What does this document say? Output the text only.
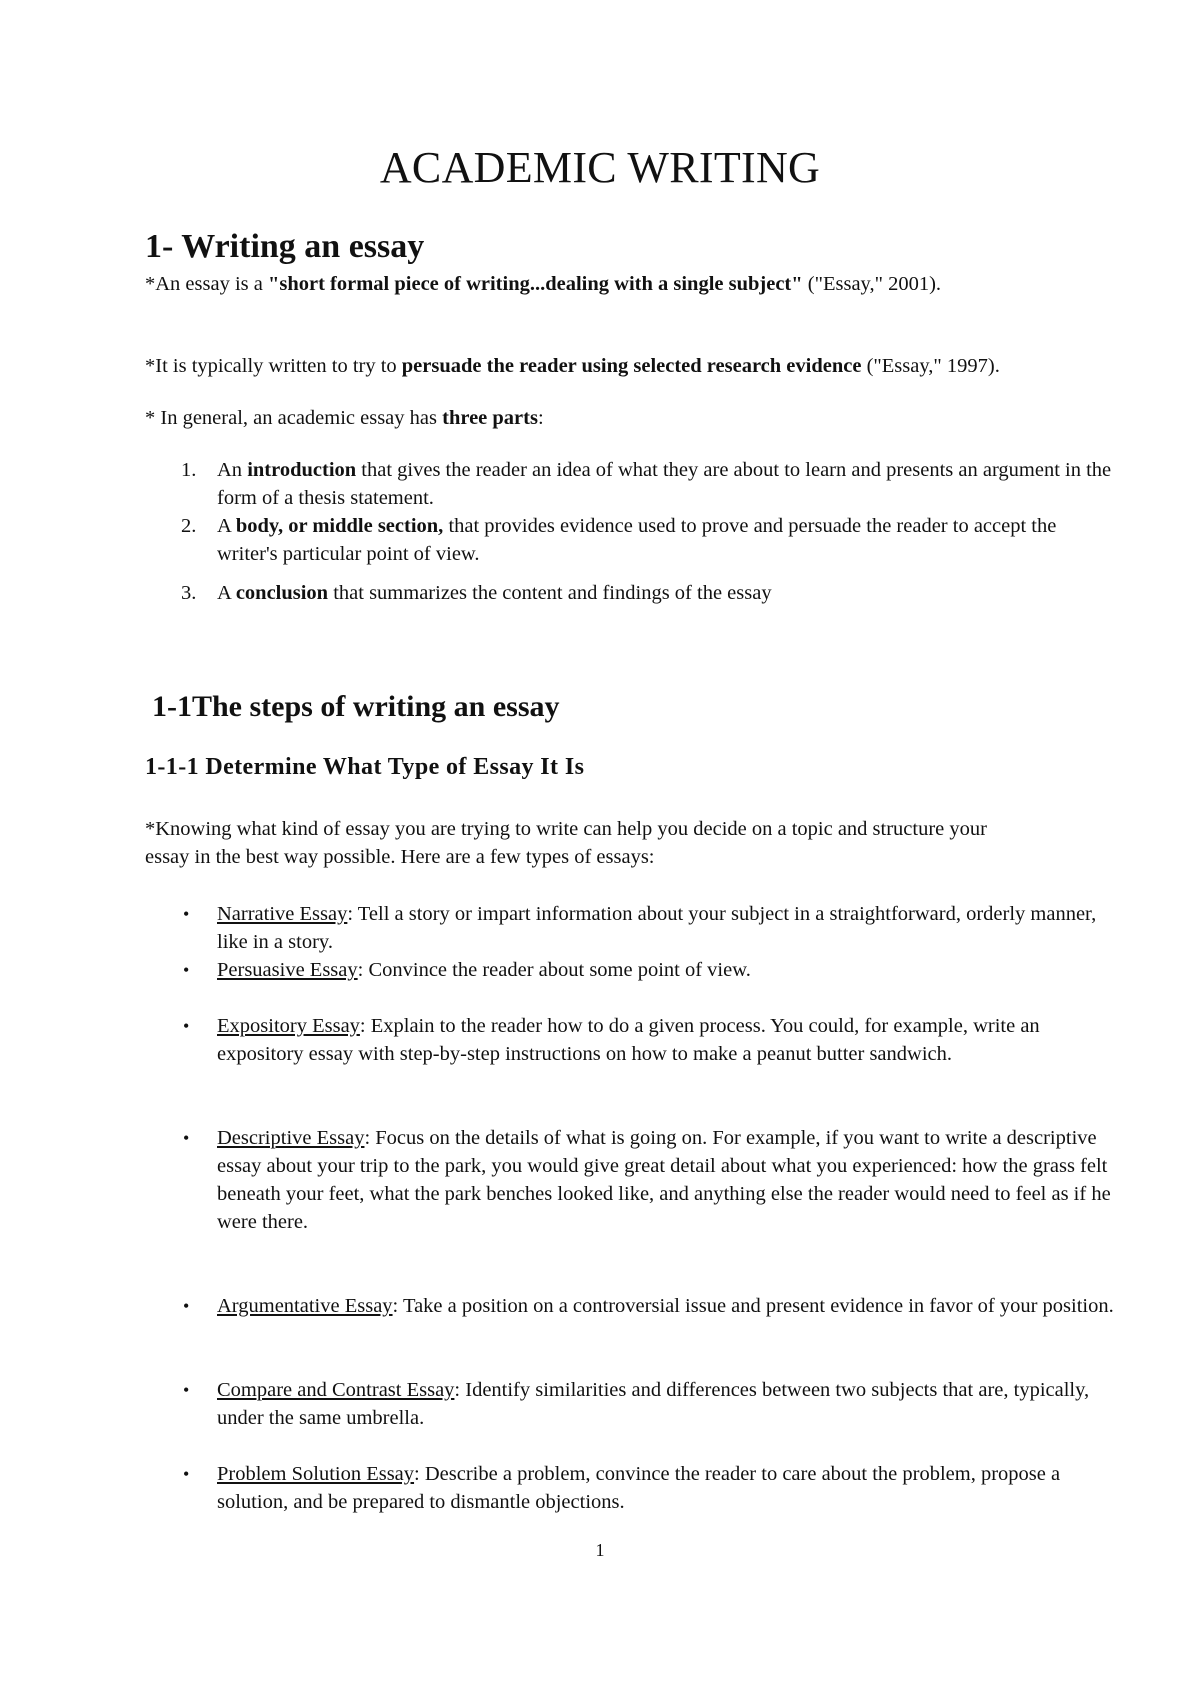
ACADEMIC WRITING
1- Writing an essay

*An essay is a "short formal piece of writing...dealing with a single subject" ("Essay," 2001).

*It is typically written to try to persuade the reader using selected research evidence ("Essay," 1997).

* In general, an academic essay has three parts:

1. An introduction that gives the reader an idea of what they are about to learn and presents an argument in the form of a thesis statement.
2. A body, or middle section, that provides evidence used to prove and persuade the reader to accept the writer's particular point of view.
3. A conclusion that summarizes the content and findings of the essay
1-1The steps of writing an essay
1-1-1 Determine What Type of Essay It Is

*Knowing what kind of essay you are trying to write can help you decide on a topic and structure your essay in the best way possible. Here are a few types of essays:

• Narrative Essay: Tell a story or impart information about your subject in a straightforward, orderly manner, like in a story.
• Persuasive Essay: Convince the reader about some point of view.
• Expository Essay: Explain to the reader how to do a given process. You could, for example, write an expository essay with step-by-step instructions on how to make a peanut butter sandwich.
• Descriptive Essay: Focus on the details of what is going on. For example, if you want to write a descriptive essay about your trip to the park, you would give great detail about what you experienced: how the grass felt beneath your feet, what the park benches looked like, and anything else the reader would need to feel as if he were there.
• Argumentative Essay: Take a position on a controversial issue and present evidence in favor of your position.
• Compare and Contrast Essay: Identify similarities and differences between two subjects that are, typically, under the same umbrella.
• Problem Solution Essay: Describe a problem, convince the reader to care about the problem, propose a solution, and be prepared to dismantle objections.
1
